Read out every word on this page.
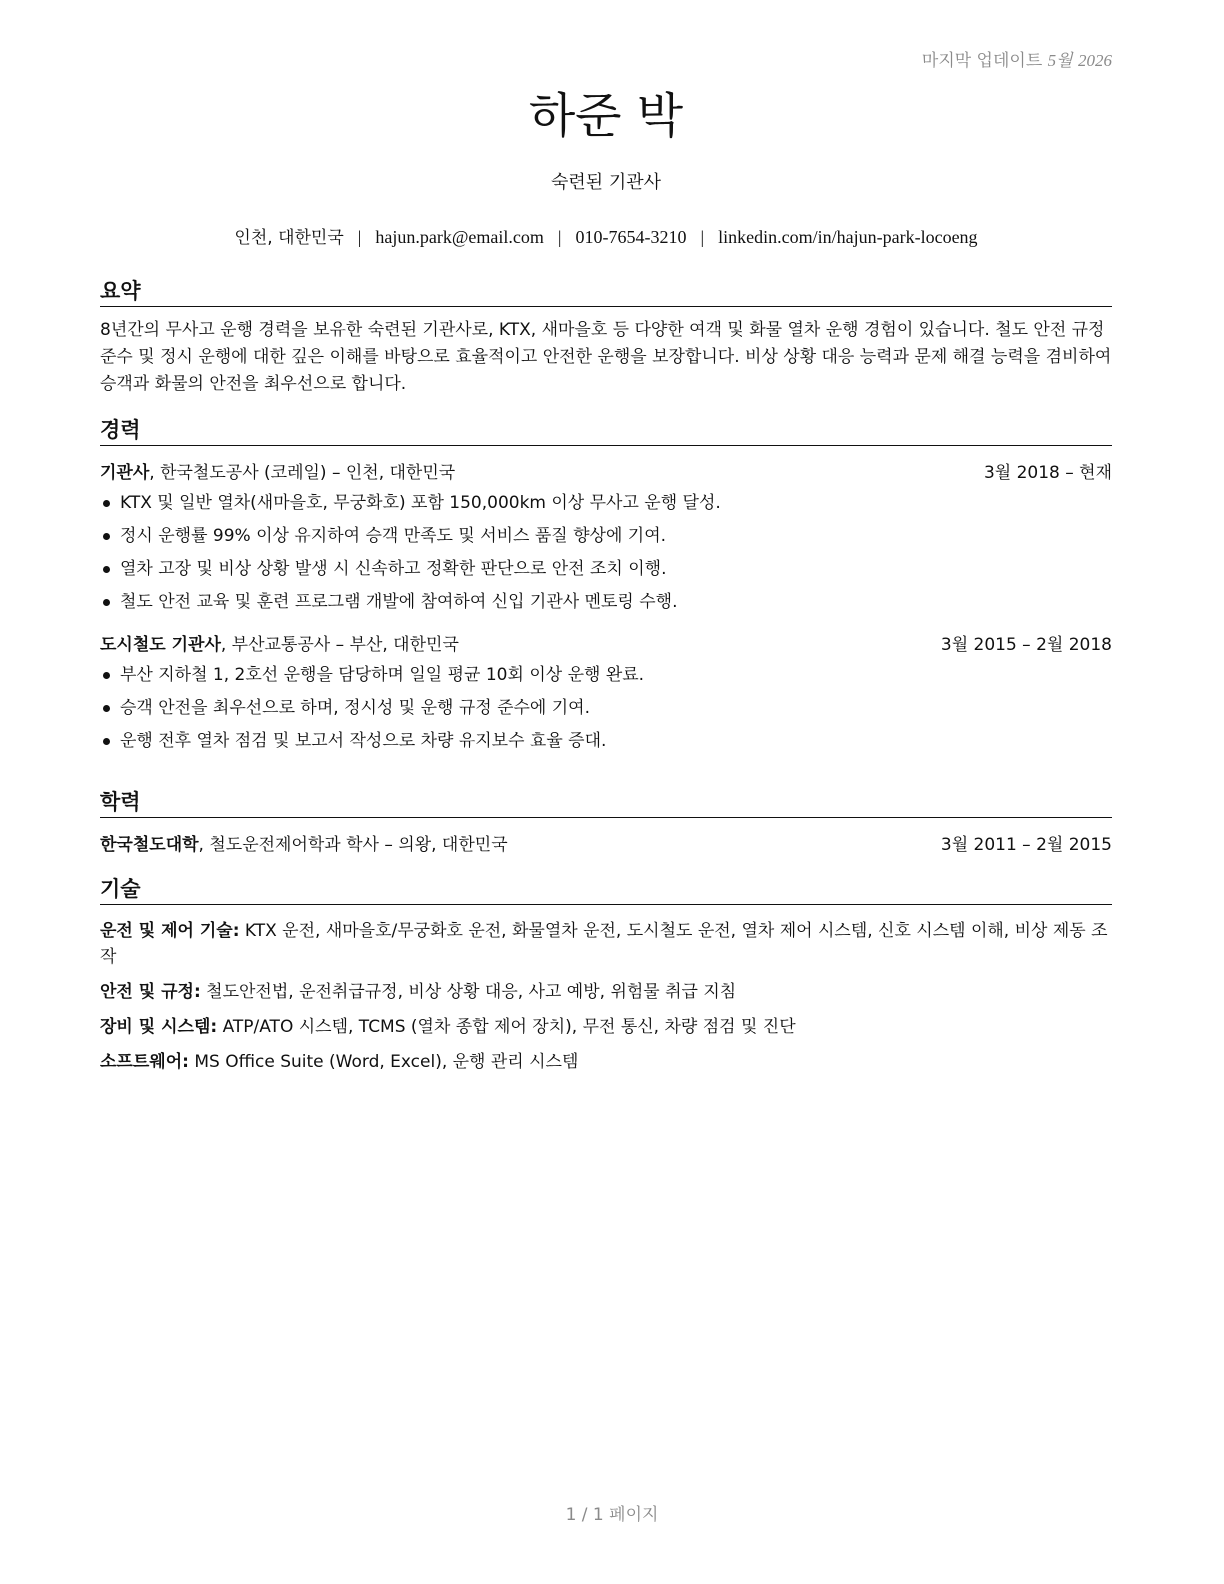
마지막 업데이트 5월 2026
하준 박
숙련된 기관사
인천, 대한민국 | hajun.park@email.com | 010-7654-3210 | linkedin.com/in/hajun-park-locoeng
요약
8년간의 무사고 운행 경력을 보유한 숙련된 기관사로, KTX, 새마을호 등 다양한 여객 및 화물 열차 운행 경험이 있습니다. 철도 안전 규정 준수 및 정시 운행에 대한 깊은 이해를 바탕으로 효율적이고 안전한 운행을 보장합니다. 비상 상황 대응 능력과 문제 해결 능력을 겸비하여 승객과 화물의 안전을 최우선으로 합니다.
경력
기관사, 한국철도공사 (코레일) – 인천, 대한민국	3월 2018 – 현재
KTX 및 일반 열차(새마을호, 무궁화호) 포함 150,000km 이상 무사고 운행 달성.
정시 운행률 99% 이상 유지하여 승객 만족도 및 서비스 품질 향상에 기여.
열차 고장 및 비상 상황 발생 시 신속하고 정확한 판단으로 안전 조치 이행.
철도 안전 교육 및 훈련 프로그램 개발에 참여하여 신입 기관사 멘토링 수행.
도시철도 기관사, 부산교통공사 – 부산, 대한민국	3월 2015 – 2월 2018
부산 지하철 1, 2호선 운행을 담당하며 일일 평균 10회 이상 운행 완료.
승객 안전을 최우선으로 하며, 정시성 및 운행 규정 준수에 기여.
운행 전후 열차 점검 및 보고서 작성으로 차량 유지보수 효율 증대.
학력
한국철도대학, 철도운전제어학과 학사 – 의왕, 대한민국	3월 2011 – 2월 2015
기술
운전 및 제어 기술: KTX 운전, 새마을호/무궁화호 운전, 화물열차 운전, 도시철도 운전, 열차 제어 시스템, 신호 시스템 이해, 비상 제동 조작
안전 및 규정: 철도안전법, 운전취급규정, 비상 상황 대응, 사고 예방, 위험물 취급 지침
장비 및 시스템: ATP/ATO 시스템, TCMS (열차 종합 제어 장치), 무전 통신, 차량 점검 및 진단
소프트웨어: MS Office Suite (Word, Excel), 운행 관리 시스템
1 / 1 페이지
